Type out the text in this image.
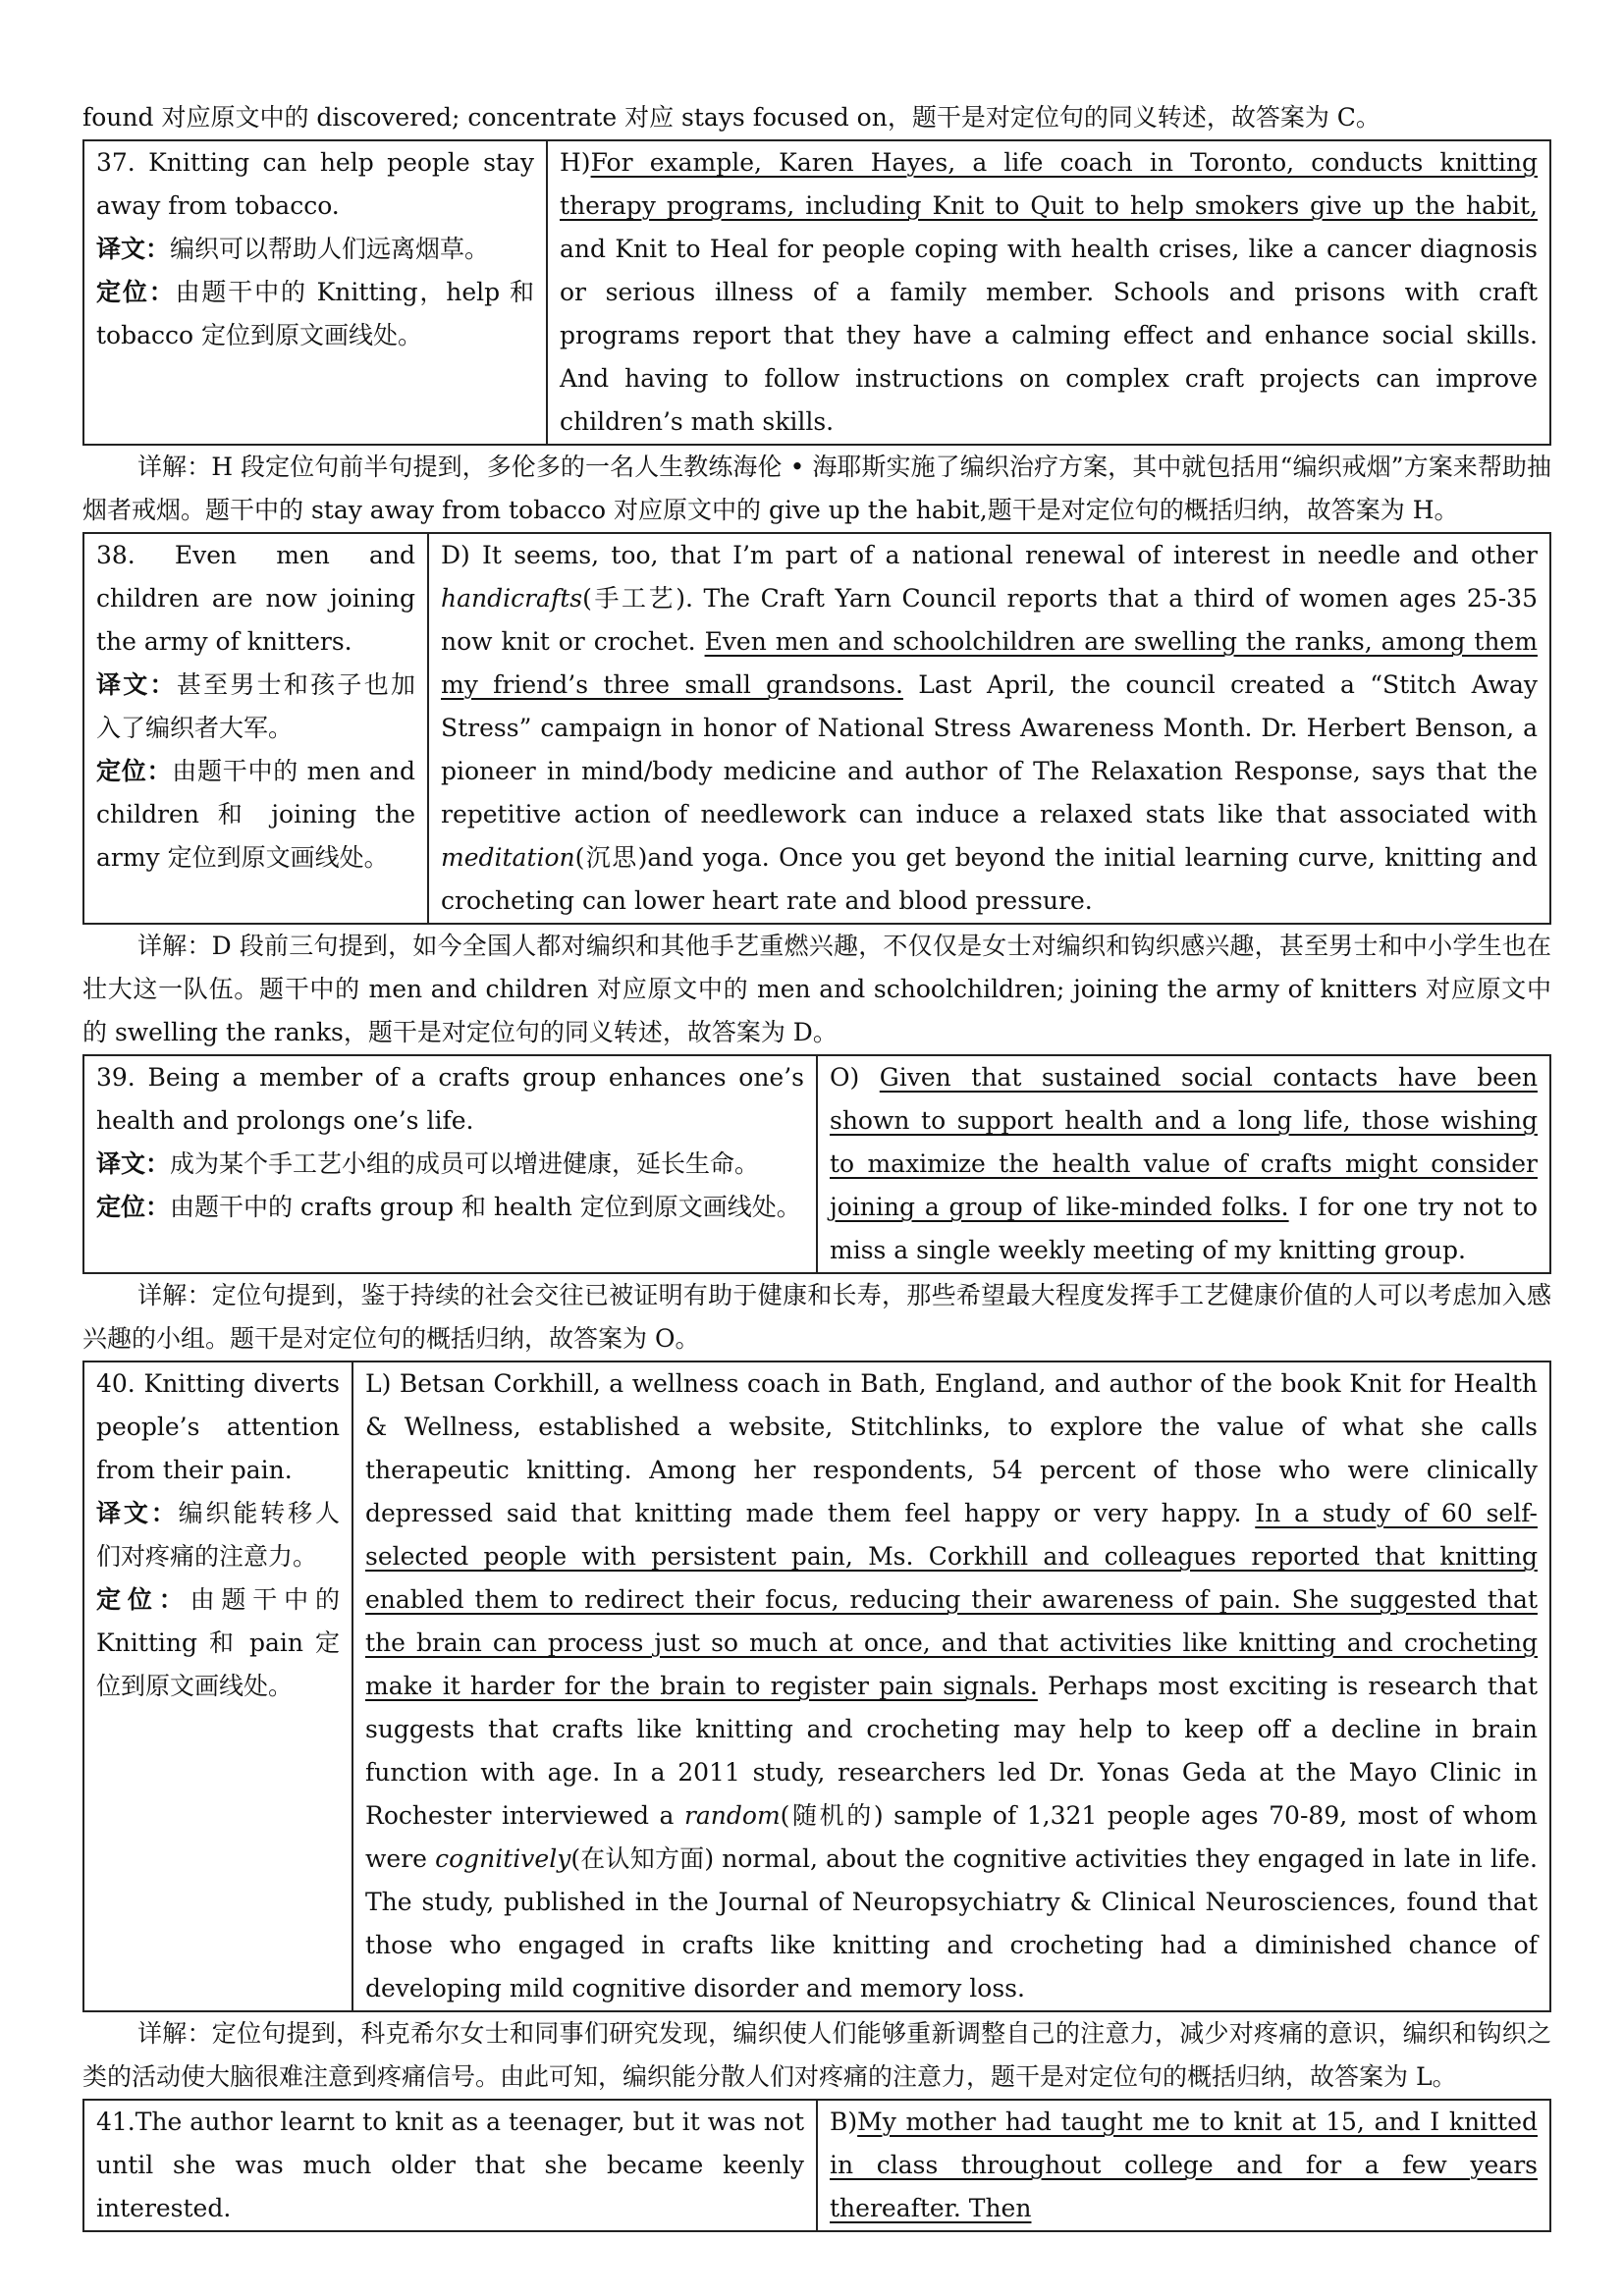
found 对应原文中的 discovered; concentrate 对应 stays focused on，题干是对定位句的同义转述，故答案为 C。
37. Knitting can help people stay away from tobacco.
译文：编织可以帮助人们远离烟草。
定位：由题干中的 Knitting，help 和 tobacco 定位到原文画线处。

H)For example, Karen Hayes, a life coach in Toronto, conducts knitting therapy programs, including Knit to Quit to help smokers give up the habit, and Knit to Heal for people coping with health crises, like a cancer diagnosis or serious illness of a family member. Schools and prisons with craft programs report that they have a calming effect and enhance social skills. And having to follow instructions on complex craft projects can improve children’s math skills.
详解：H 段定位句前半句提到，多伦多的一名人生教练海伦 • 海耶斯实施了编织治疗方案，其中就包括用“编织戒烟”方案来帮助抽烟者戒烟。题干中的 stay away from tobacco 对应原文中的 give up the habit,题干是对定位句的概括归纳，故答案为 H。
38. Even men and children are now joining the army of knitters.
译文：甚至男士和孩子也加入了编织者大军。
定位：由题干中的 men and children 和 joining the army 定位到原文画线处。

D) It seems, too, that I’m part of a national renewal of interest in needle and other handicrafts(手工艺). The Craft Yarn Council reports that a third of women ages 25-35 now knit or crochet. Even men and schoolchildren are swelling the ranks, among them my friend’s three small grandsons. Last April, the council created a “Stitch Away Stress” campaign in honor of National Stress Awareness Month. Dr. Herbert Benson, a pioneer in mind/body medicine and author of The Relaxation Response, says that the repetitive action of needlework can induce a relaxed stats like that associated with meditation(沉思)and yoga. Once you get beyond the initial learning curve, knitting and crocheting can lower heart rate and blood pressure.
详解：D 段前三句提到，如今全国人都对编织和其他手艺重燃兴趣，不仅仅是女士对编织和钩织感兴趣，甚至男士和中小学生也在壮大这一队伍。题干中的 men and children 对应原文中的 men and schoolchildren; joining the army of knitters 对应原文中的 swelling the ranks，题干是对定位句的同义转述，故答案为 D。
39. Being a member of a crafts group enhances one’s health and prolongs one’s life.
译文：成为某个手工艺小组的成员可以增进健康，延长生命。
定位：由题干中的 crafts group 和 health 定位到原文画线处。

O) Given that sustained social contacts have been shown to support health and a long life, those wishing to maximize the health value of crafts might consider joining a group of like-minded folks. I for one try not to miss a single weekly meeting of my knitting group.
详解：定位句提到，鉴于持续的社会交往已被证明有助于健康和长寿，那些希望最大程度发挥手工艺健康价值的人可以考虑加入感兴趣的小组。题干是对定位句的概括归纳，故答案为 O。
40. Knitting diverts people’s attention from their pain.
译文：编织能转移人们对疼痛的注意力。
定位：由题干中的 Knitting 和 pain 定位到原文画线处。

L) Betsan Corkhill, a wellness coach in Bath, England, and author of the book Knit for Health & Wellness, established a website, Stitchlinks, to explore the value of what she calls therapeutic knitting. Among her respondents, 54 percent of those who were clinically depressed said that knitting made them feel happy or very happy. In a study of 60 self-selected people with persistent pain, Ms. Corkhill and colleagues reported that knitting enabled them to redirect their focus, reducing their awareness of pain. She suggested that the brain can process just so much at once, and that activities like knitting and crocheting make it harder for the brain to register pain signals. Perhaps most exciting is research that suggests that crafts like knitting and crocheting may help to keep off a decline in brain function with age. In a 2011 study, researchers led Dr. Yonas Geda at the Mayo Clinic in Rochester interviewed a random(随机的) sample of 1,321 people ages 70-89, most of whom were cognitively(在认知方面) normal, about the cognitive activities they engaged in late in life. The study, published in the Journal of Neuropsychiatry & Clinical Neurosciences, found that those who engaged in crafts like knitting and crocheting had a diminished chance of developing mild cognitive disorder and memory loss.
详解：定位句提到，科克希尔女士和同事们研究发现，编织使人们能够重新调整自己的注意力，减少对疼痛的意识，编织和钩织之类的活动使大脑很难注意到疼痛信号。由此可知，编织能分散人们对疼痛的注意力，题干是对定位句的概括归纳，故答案为 L。
41.The author learnt to knit as a teenager, but it was not until she was much older that she became keenly interested.

B)My mother had taught me to knit at 15, and I knitted in class throughout college and for a few years thereafter. Then
